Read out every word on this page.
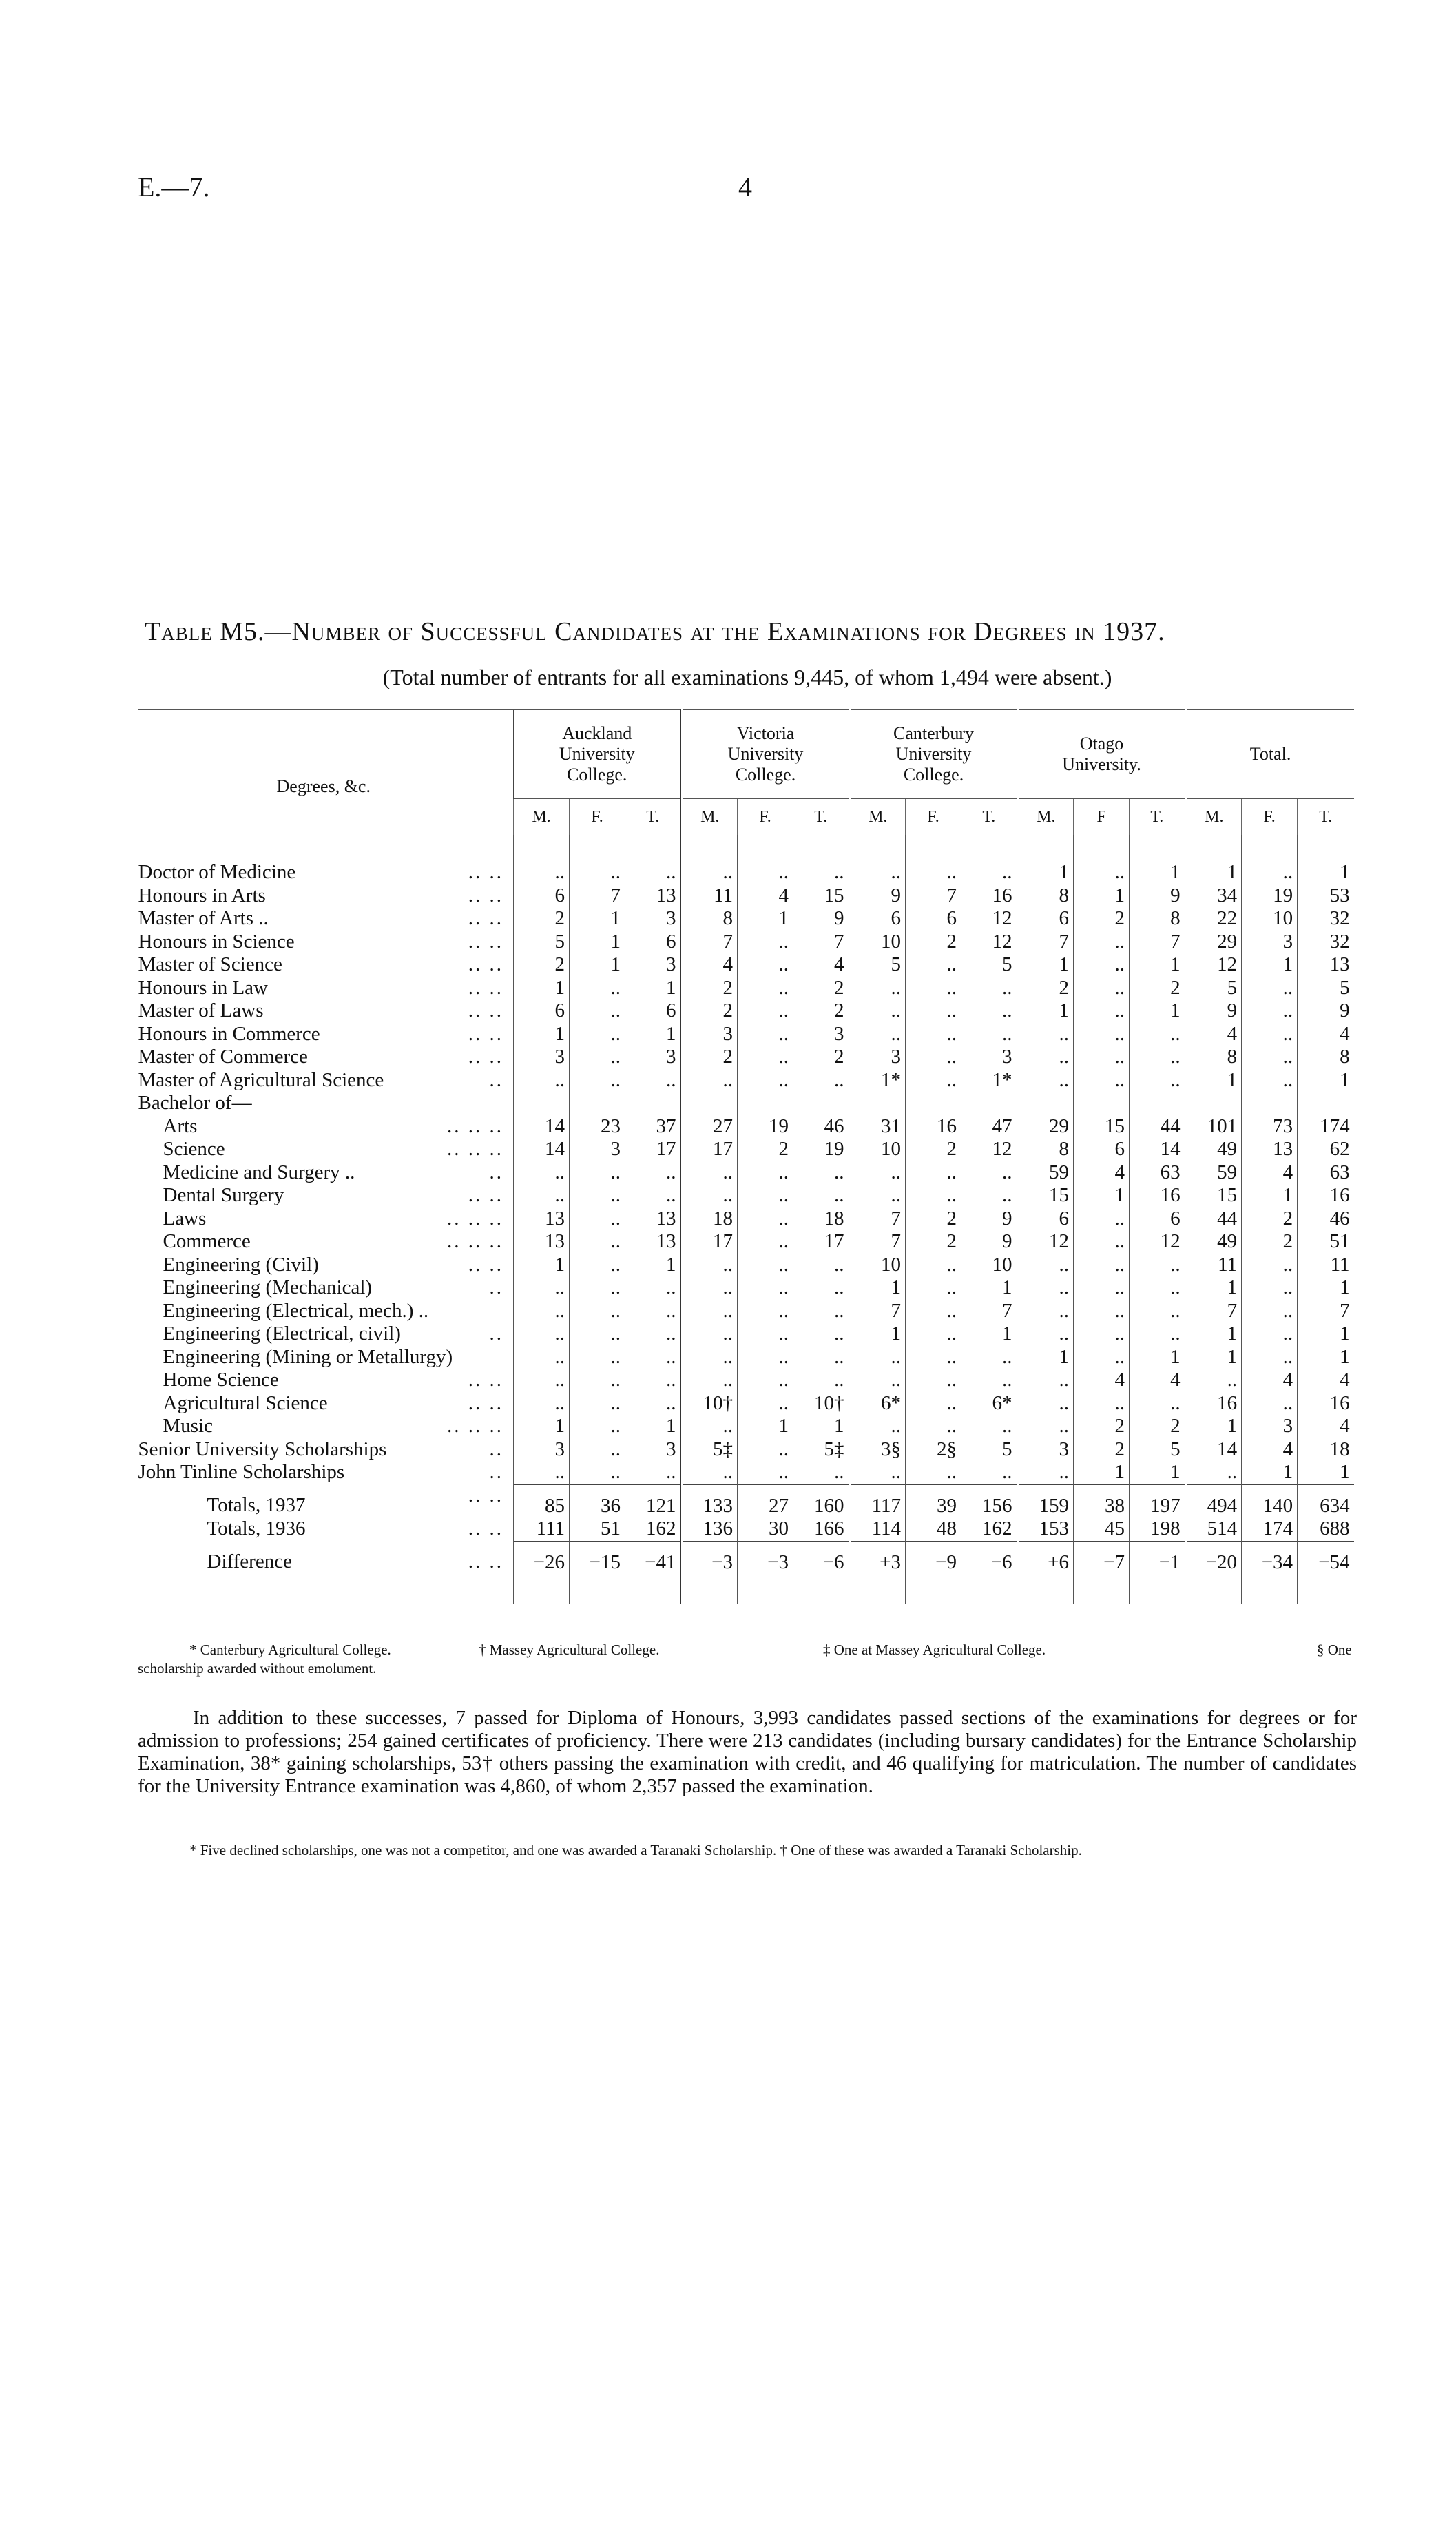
E.—7.	4
Table M5.—Number of Successful Candidates at the Examinations for Degrees in 1937.
(Total number of entrants for all examinations 9,445, of whom 1,494 were absent.)
Degrees, &c.	Auckland University College.			Victoria University College.			Canterbury University College.			Otago University.			Total.		
	M.	F.	T.	M.	F.	T.	M.	F.	T.	M.	F	T.	M.	F.	T.

Doctor of Medicine .. ..	..	..	..	..	..	..	..	..	..	1	..	1	1	..	1
Honours in Arts .. ..	6	7	13	11	4	15	9	7	16	8	1	9	34	19	53
Master of Arts .. .. ..	2	1	3	8	1	9	6	6	12	6	2	8	22	10	32
Honours in Science .. ..	5	1	6	7	..	7	10	2	12	7	..	7	29	3	32
Master of Science .. ..	2	1	3	4	..	4	5	..	5	1	..	1	12	1	13
Honours in Law .. ..	1	..	1	2	..	2	..	..	..	2	..	2	5	..	5
Master of Laws .. ..	6	..	6	2	..	2	..	..	..	1	..	1	9	..	9
Honours in Commerce .. ..	1	..	1	3	..	3	..	..	..	..	..	..	4	..	4
Master of Commerce .. ..	3	..	3	2	..	2	3	..	3	..	..	..	8	..	8
Master of Agricultural Science ..	..	..	..	..	..	..	1*	..	1*	..	..	..	1	..	1
Bachelor of—															
Arts .. .. ..	14	23	37	27	19	46	31	16	47	29	15	44	101	73	174
Science .. .. ..	14	3	17	17	2	19	10	2	12	8	6	14	49	13	62
Medicine and Surgery .. ..	..	..	..	..	..	..	..	..	..	59	4	63	59	4	63
Dental Surgery .. ..	..	..	..	..	..	..	..	..	..	15	1	16	15	1	16
Laws .. .. ..	13	..	13	18	..	18	7	2	9	6	..	6	44	2	46
Commerce .. .. ..	13	..	13	17	..	17	7	2	9	12	..	12	49	2	51
Engineering (Civil) .. ..	1	..	1	..	..	..	10	..	10	..	..	..	11	..	11
Engineering (Mechanical) ..	..	..	..	..	..	..	1	..	1	..	..	..	1	..	1
Engineering (Electrical, mech.) ..	..	..	..	..	..	..	7	..	7	..	..	..	7	..	7
Engineering (Electrical, civil) ..	..	..	..	..	..	..	1	..	1	..	..	..	1	..	1
Engineering (Mining or Metallurgy)	..	..	..	..	..	..	..	..	..	1	..	1	1	..	1
Home Science .. ..	..	..	..	..	..	..	..	..	..	..	4	4	..	4	4
Agricultural Science .. ..	..	..	..	10†	..	10†	6*	..	6*	..	..	..	16	..	16
Music .. .. ..	1	..	1	..	1	1	..	..	..	..	2	2	1	3	4
Senior University Scholarships ..	3	..	3	5‡	..	5‡	3§	2§	5	3	2	5	14	4	18
John Tinline Scholarships ..	..	..	..	..	..	..	..	..	..	..	1	1	..	1	1
Totals, 1937 .. ..	85	36	121	133	27	160	117	39	156	159	38	197	494	140	634
Totals, 1936 .. ..	111	51	162	136	30	166	114	48	162	153	45	198	514	174	688
Difference .. ..	−26	−15	−41	−3	−3	−6	+3	−9	−6	+6	−7	−1	−20	−34	−54

* Canterbury Agricultural College.	† Massey Agricultural College.	‡ One at Massey Agricultural College.	§ One
scholarship awarded without emolument.
In addition to these successes, 7 passed for Diploma of Honours, 3,993 candidates passed sections of the examinations for degrees or for admission to professions; 254 gained certificates of proficiency. There were 213 candidates (including bursary candidates) for the Entrance Scholarship Examination, 38* gaining scholarships, 53† others passing the examination with credit, and 46 qualifying for matriculation. The number of candidates for the University Entrance examination was 4,860, of whom 2,357 passed the examination.
* Five declined scholarships, one was not a competitor, and one was awarded a Taranaki Scholarship. † One of these was awarded a Taranaki Scholarship.
